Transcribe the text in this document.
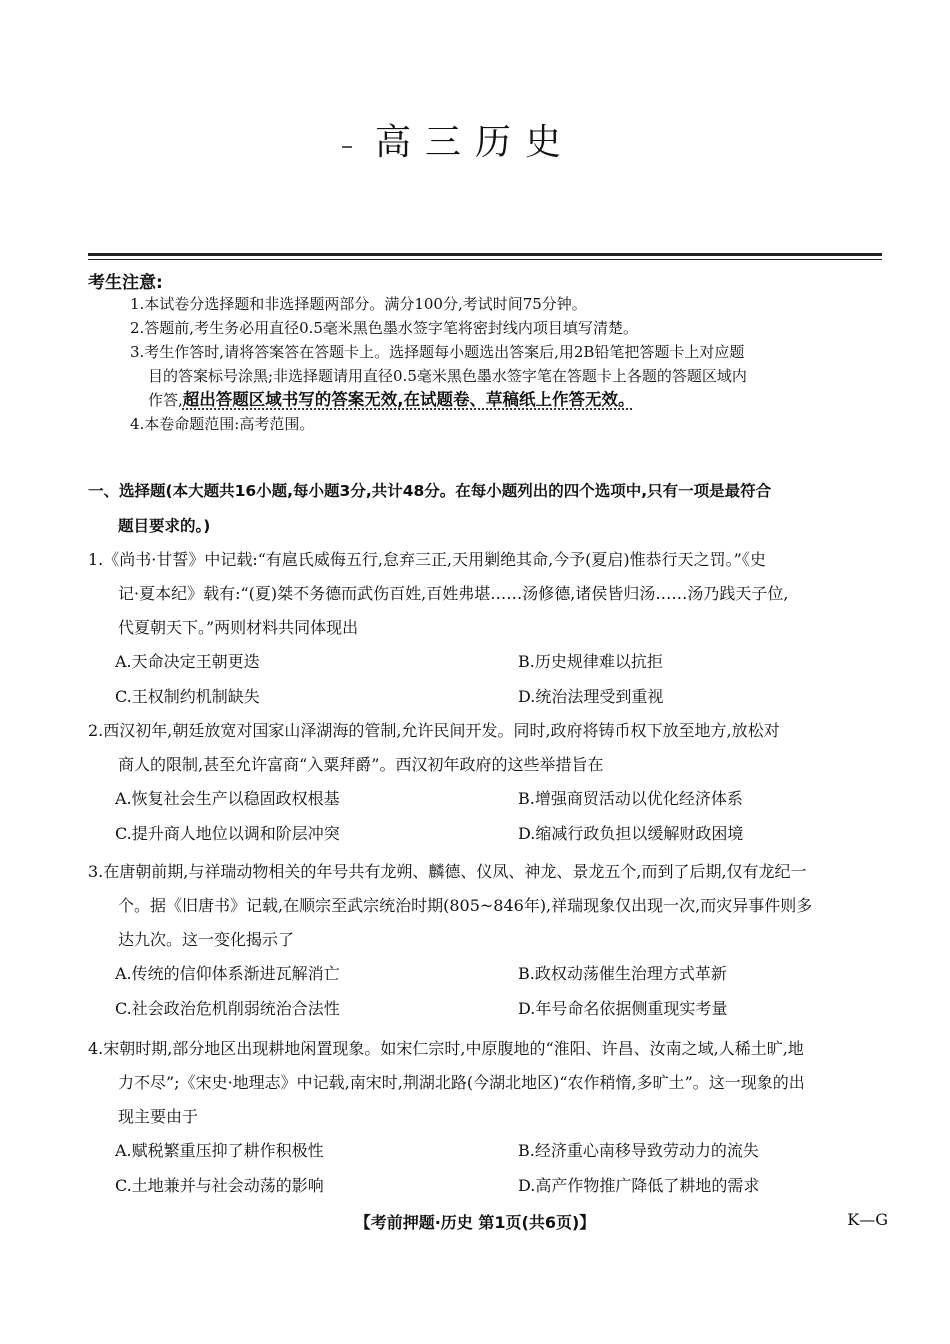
高三历史
考生注意:
1.本试卷分选择题和非选择题两部分。满分100分,考试时间75分钟。
2.答题前,考生务必用直径0.5毫米黑色墨水签字笔将密封线内项目填写清楚。
3.考生作答时,请将答案答在答题卡上。选择题每小题选出答案后,用2B铅笔把答题卡上对应题
目的答案标号涂黑;非选择题请用直径0.5毫米黑色墨水签字笔在答题卡上各题的答题区域内
作答,超出答题区域书写的答案无效,在试题卷、草稿纸上作答无效。
4.本卷命题范围:高考范围。
一、选择题(本大题共16小题,每小题3分,共计48分。在每小题列出的四个选项中,只有一项是最符合
题目要求的。)
1.《尚书·甘誓》中记载:“有扈氏威侮五行,怠弃三正,天用剿绝其命,今予(夏启)惟恭行天之罚。”《史
记·夏本纪》载有:“(夏)桀不务德而武伤百姓,百姓弗堪……汤修德,诸侯皆归汤……汤乃践天子位,
代夏朝天下。”两则材料共同体现出
A.天命决定王朝更迭	B.历史规律难以抗拒
C.王权制约机制缺失	D.统治法理受到重视
2.西汉初年,朝廷放宽对国家山泽湖海的管制,允许民间开发。同时,政府将铸币权下放至地方,放松对
商人的限制,甚至允许富商“入粟拜爵”。西汉初年政府的这些举措旨在
A.恢复社会生产以稳固政权根基	B.增强商贸活动以优化经济体系
C.提升商人地位以调和阶层冲突	D.缩减行政负担以缓解财政困境
3.在唐朝前期,与祥瑞动物相关的年号共有龙朔、麟德、仪凤、神龙、景龙五个,而到了后期,仅有龙纪一
个。据《旧唐书》记载,在顺宗至武宗统治时期(805~846年),祥瑞现象仅出现一次,而灾异事件则多
达九次。这一变化揭示了
A.传统的信仰体系渐进瓦解消亡	B.政权动荡催生治理方式革新
C.社会政治危机削弱统治合法性	D.年号命名依据侧重现实考量
4.宋朝时期,部分地区出现耕地闲置现象。如宋仁宗时,中原腹地的“淮阳、许昌、汝南之域,人稀土旷,地
力不尽”;《宋史·地理志》中记载,南宋时,荆湖北路(今湖北地区)“农作稍惰,多旷土”。这一现象的出
现主要由于
A.赋税繁重压抑了耕作积极性	B.经济重心南移导致劳动力的流失
C.土地兼并与社会动荡的影响	D.高产作物推广降低了耕地的需求
【考前押题·历史 第1页(共6页)】	K—G
